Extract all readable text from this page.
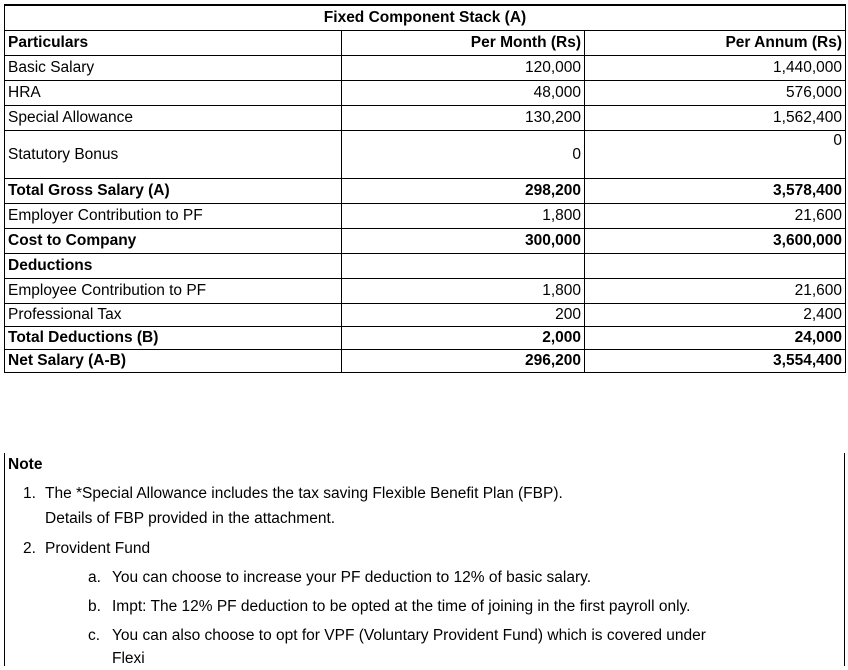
Fixed Component Stack (A)		
Particulars	Per Month (Rs)	Per Annum (Rs)
Basic Salary	120,000	1,440,000
HRA	48,000	576,000
Special Allowance	130,200	1,562,400
Statutory Bonus	0	0
Total Gross Salary (A)	298,200	3,578,400
Employer Contribution to PF	1,800	21,600
Cost to Company	300,000	3,600,000
Deductions		
Employee Contribution to PF	1,800	21,600
Professional Tax	200	2,400
Total Deductions (B)	2,000	24,000
Net Salary (A-B)	296,200	3,554,400
Note
1. The *Special Allowance includes the tax saving Flexible Benefit Plan (FBP).
Details of FBP provided in the attachment.
2. Provident Fund
a. You can choose to increase your PF deduction to 12% of basic salary.
b. Impt: The 12% PF deduction to be opted at the time of joining in the first payroll only.
c. You can also choose to opt for VPF (Voluntary Provident Fund) which is covered under
Flexi
